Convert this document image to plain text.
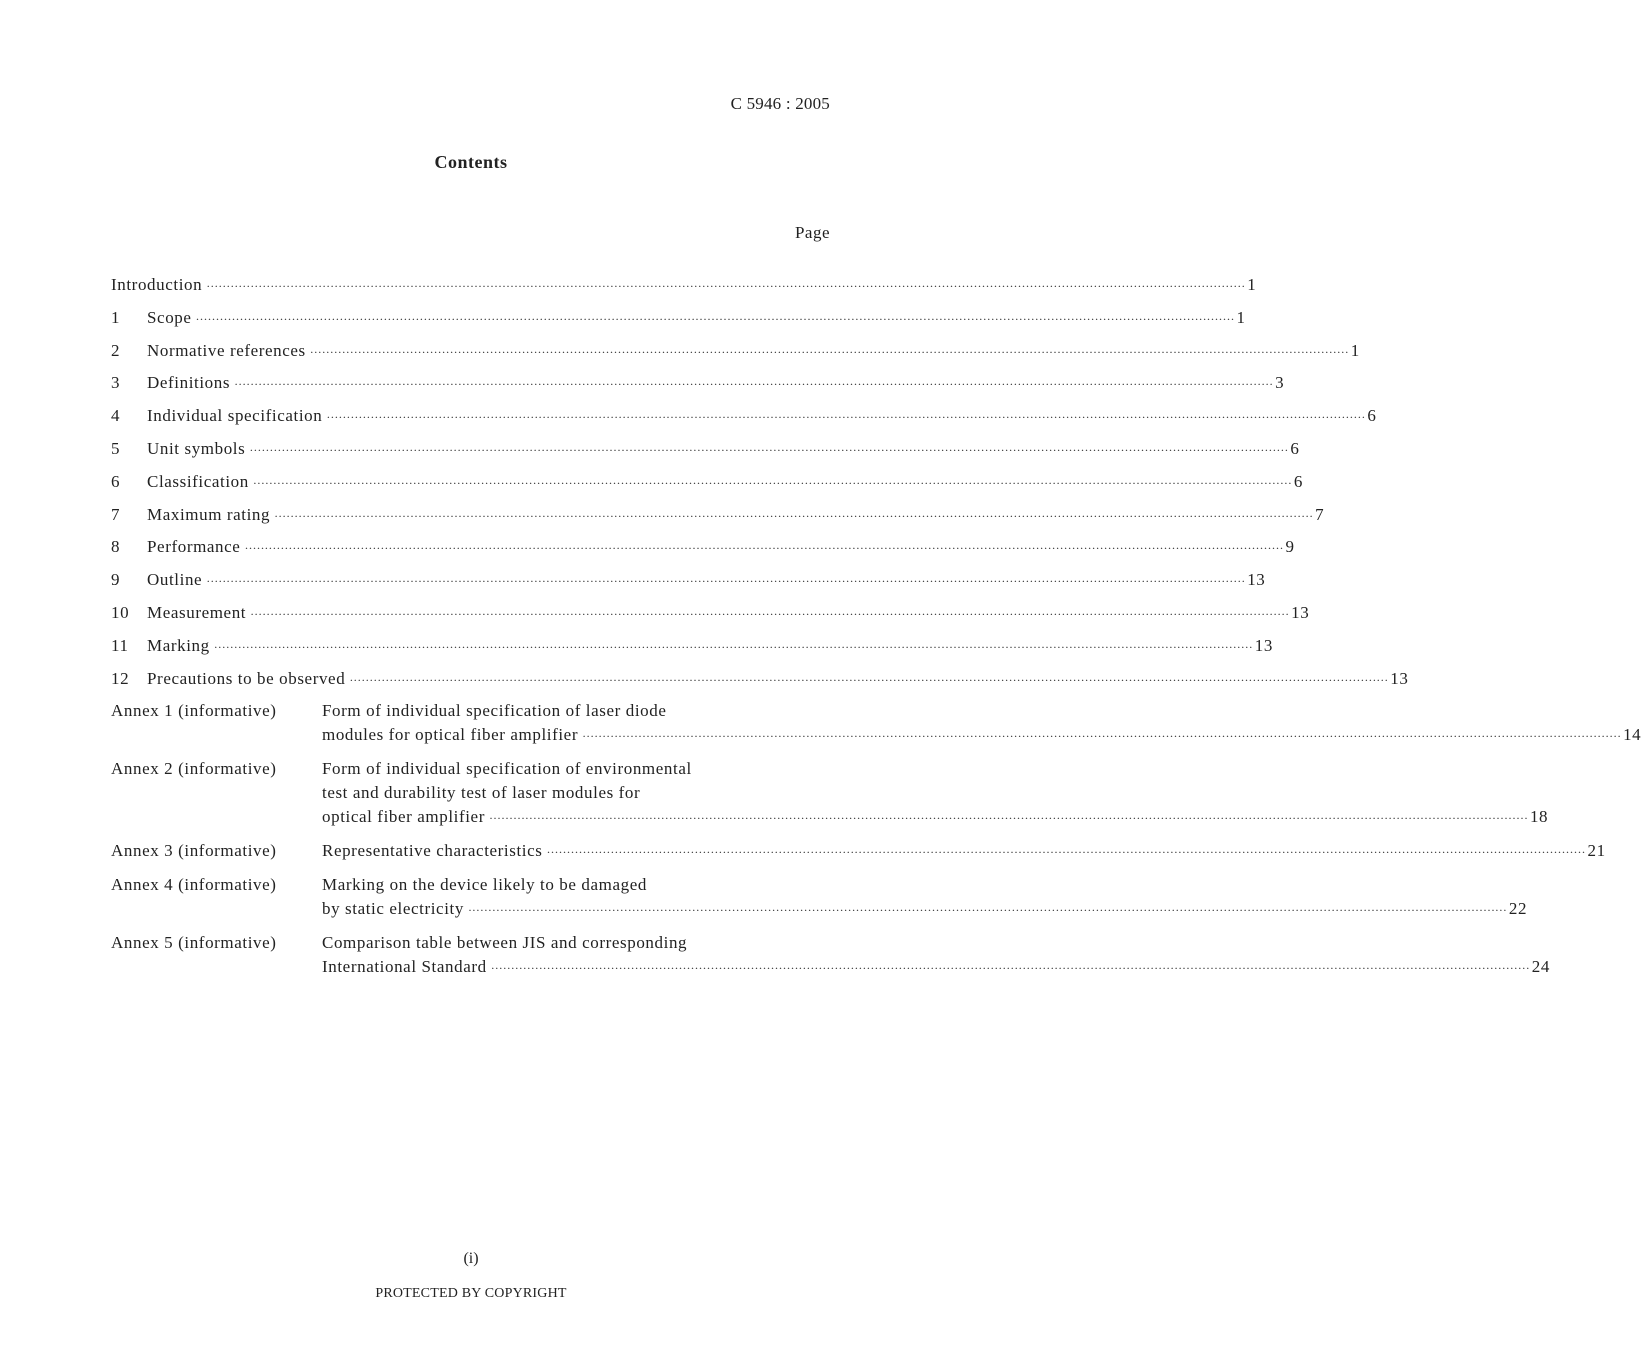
C 5946 : 2005
Contents
Page
Introduction ·····	1
1	Scope ·····	1
2	Normative references ·····	1
3	Definitions ·····	3
4	Individual specification ·····	6
5	Unit symbols ·····	6
6	Classification ·····	6
7	Maximum rating ·····	7
8	Performance ·····	9
9	Outline ·····	13
10	Measurement ·····	13
11	Marking ·····	13
12	Precautions to be observed ·····	13
Annex 1 (informative)	Form of individual specification of laser diode
modules for optical fiber amplifier ·····	14
Annex 2 (informative)	Form of individual specification of environmental
test and durability test of laser modules for
optical fiber amplifier ·····	18
Annex 3 (informative)	Representative characteristics ·····	21
Annex 4 (informative)	Marking on the device likely to be damaged
by static electricity ·····	22
Annex 5 (informative)	Comparison table between JIS and corresponding
International Standard ·····	24
(i)
PROTECTED BY COPYRIGHT
